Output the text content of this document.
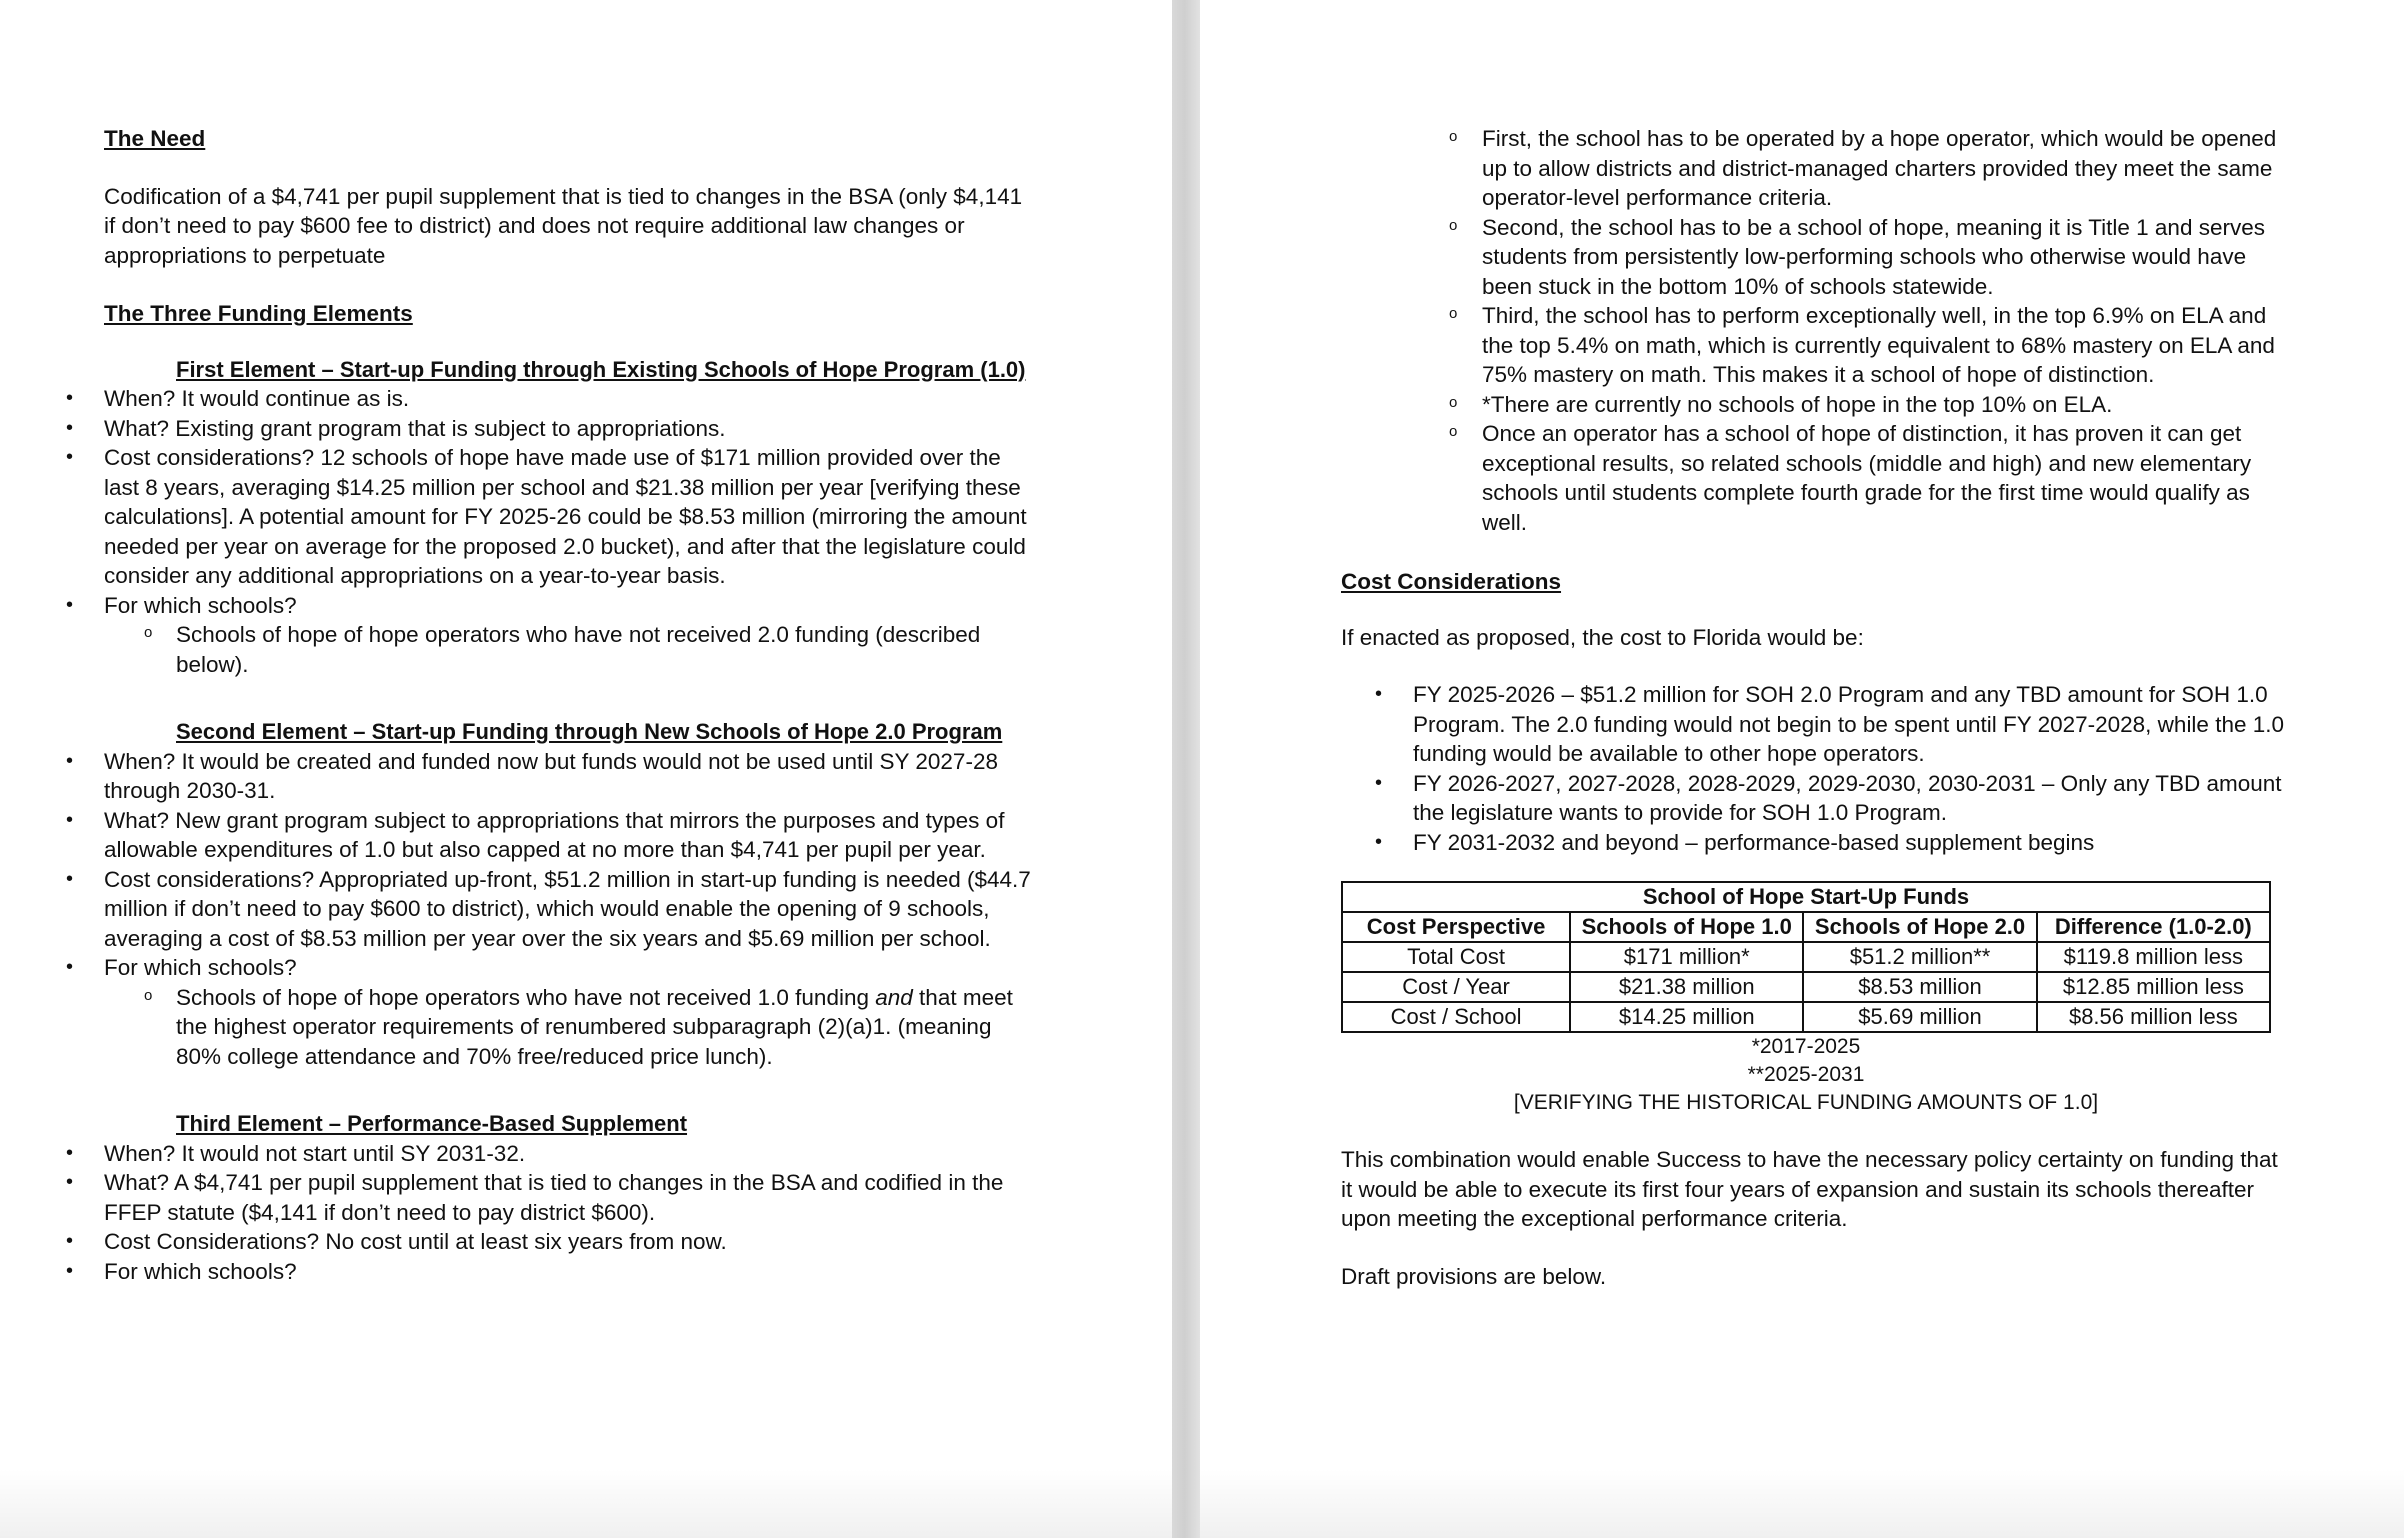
The Need

Codification of a $4,741 per pupil supplement that is tied to changes in the BSA (only $4,141 if don’t need to pay $600 fee to district) and does not require additional law changes or appropriations to perpetuate

The Three Funding Elements

First Element – Start-up Funding through Existing Schools of Hope Program (1.0)

• When? It would continue as is.
• What? Existing grant program that is subject to appropriations.
• Cost considerations? 12 schools of hope have made use of $171 million provided over the last 8 years, averaging $14.25 million per school and $21.38 million per year [verifying these calculations]. A potential amount for FY 2025-26 could be $8.53 million (mirroring the amount needed per year on average for the proposed 2.0 bucket), and after that the legislature could consider any additional appropriations on a year-to-year basis.
• For which schools?
o Schools of hope of hope operators who have not received 2.0 funding (described below).

Second Element – Start-up Funding through New Schools of Hope 2.0 Program

• When? It would be created and funded now but funds would not be used until SY 2027-28 through 2030-31.
• What? New grant program subject to appropriations that mirrors the purposes and types of allowable expenditures of 1.0 but also capped at no more than $4,741 per pupil per year.
• Cost considerations? Appropriated up-front, $51.2 million in start-up funding is needed ($44.7 million if don’t need to pay $600 to district), which would enable the opening of 9 schools, averaging a cost of $8.53 million per year over the six years and $5.69 million per school.
• For which schools?
o Schools of hope of hope operators who have not received 1.0 funding and that meet the highest operator requirements of renumbered subparagraph (2)(a)1. (meaning 80% college attendance and 70% free/reduced price lunch).

Third Element – Performance-Based Supplement

• When? It would not start until SY 2031-32.
• What? A $4,741 per pupil supplement that is tied to changes in the BSA and codified in the FFEP statute ($4,141 if don’t need to pay district $600).
• Cost Considerations? No cost until at least six years from now.
• For which schools?
o First, the school has to be operated by a hope operator, which would be opened up to allow districts and district-managed charters provided they meet the same operator-level performance criteria.
o Second, the school has to be a school of hope, meaning it is Title 1 and serves students from persistently low-performing schools who otherwise would have been stuck in the bottom 10% of schools statewide.
o Third, the school has to perform exceptionally well, in the top 6.9% on ELA and the top 5.4% on math, which is currently equivalent to 68% mastery on ELA and 75% mastery on math. This makes it a school of hope of distinction.
o *There are currently no schools of hope in the top 10% on ELA.
o Once an operator has a school of hope of distinction, it has proven it can get exceptional results, so related schools (middle and high) and new elementary schools until students complete fourth grade for the first time would qualify as well.

Cost Considerations

If enacted as proposed, the cost to Florida would be:

• FY 2025-2026 – $51.2 million for SOH 2.0 Program and any TBD amount for SOH 1.0 Program. The 2.0 funding would not begin to be spent until FY 2027-2028, while the 1.0 funding would be available to other hope operators.
• FY 2026-2027, 2027-2028, 2028-2029, 2029-2030, 2030-2031 – Only any TBD amount the legislature wants to provide for SOH 1.0 Program.
• FY 2031-2032 and beyond – performance-based supplement begins
School of Hope Start-Up Funds			
Cost Perspective	Schools of Hope 1.0	Schools of Hope 2.0	Difference (1.0-2.0)
Total Cost	$171 million*	$51.2 million**	$119.8 million less
Cost / Year	$21.38 million	$8.53 million	$12.85 million less
Cost / School	$14.25 million	$5.69 million	$8.56 million less

*2017-2025

**2025-2031

[VERIFYING THE HISTORICAL FUNDING AMOUNTS OF 1.0]

This combination would enable Success to have the necessary policy certainty on funding that it would be able to execute its first four years of expansion and sustain its schools thereafter upon meeting the exceptional performance criteria.

Draft provisions are below.
